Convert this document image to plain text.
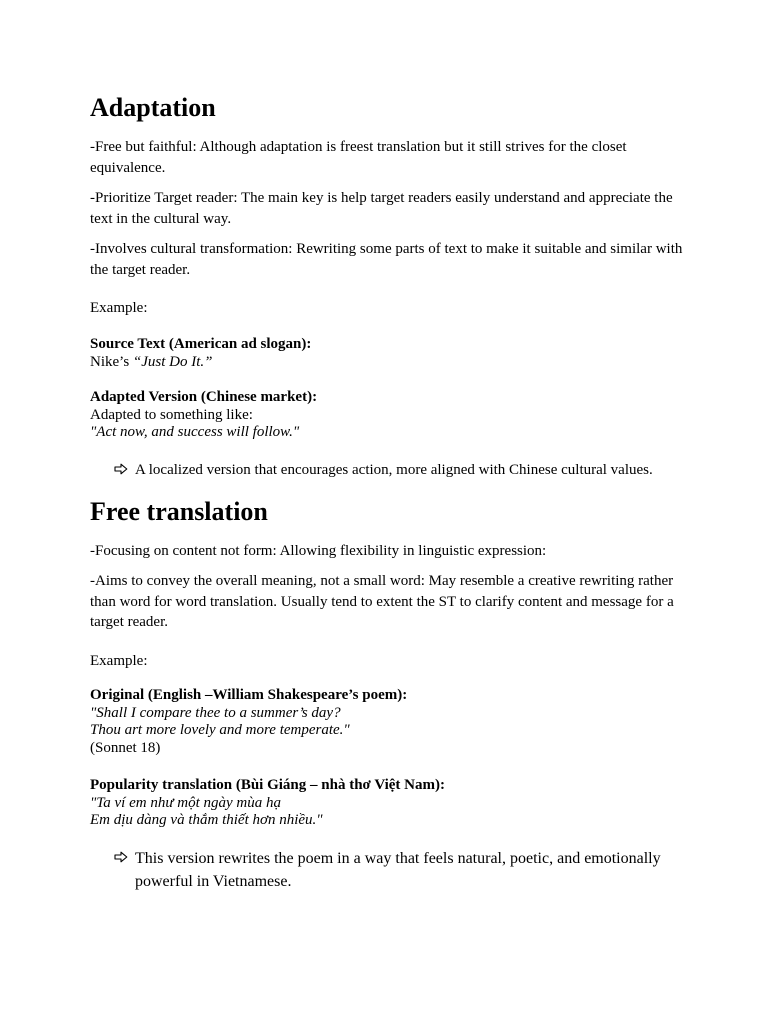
Adaptation

-Free but faithful: Although adaptation is freest translation but it still strives for the closet equivalence.

-Prioritize Target reader: The main key is help target readers easily understand and appreciate the text in the cultural way.

-Involves cultural transformation: Rewriting some parts of text to make it suitable and similar with the target reader.

Example:

Source Text (American ad slogan):
Nike’s “Just Do It.”
Adapted Version (Chinese market):
Adapted to something like:
"Act now, and success will follow."
A localized version that encourages action, more aligned with Chinese cultural values.
Free translation

-Focusing on content not form: Allowing flexibility in linguistic expression:

-Aims to convey the overall meaning, not a small word: May resemble a creative rewriting rather than word for word translation. Usually tend to extent the ST to clarify content and message for a target reader.

Example:

Original (English –William Shakespeare’s poem):
"Shall I compare thee to a summer’s day?
Thou art more lovely and more temperate."
(Sonnet 18)
Popularity translation (Bùi Giáng – nhà thơ Việt Nam):
"Ta ví em như một ngày mùa hạ
Em dịu dàng và thắm thiết hơn nhiều."
This version rewrites the poem in a way that feels natural, poetic, and emotionally powerful in Vietnamese.
